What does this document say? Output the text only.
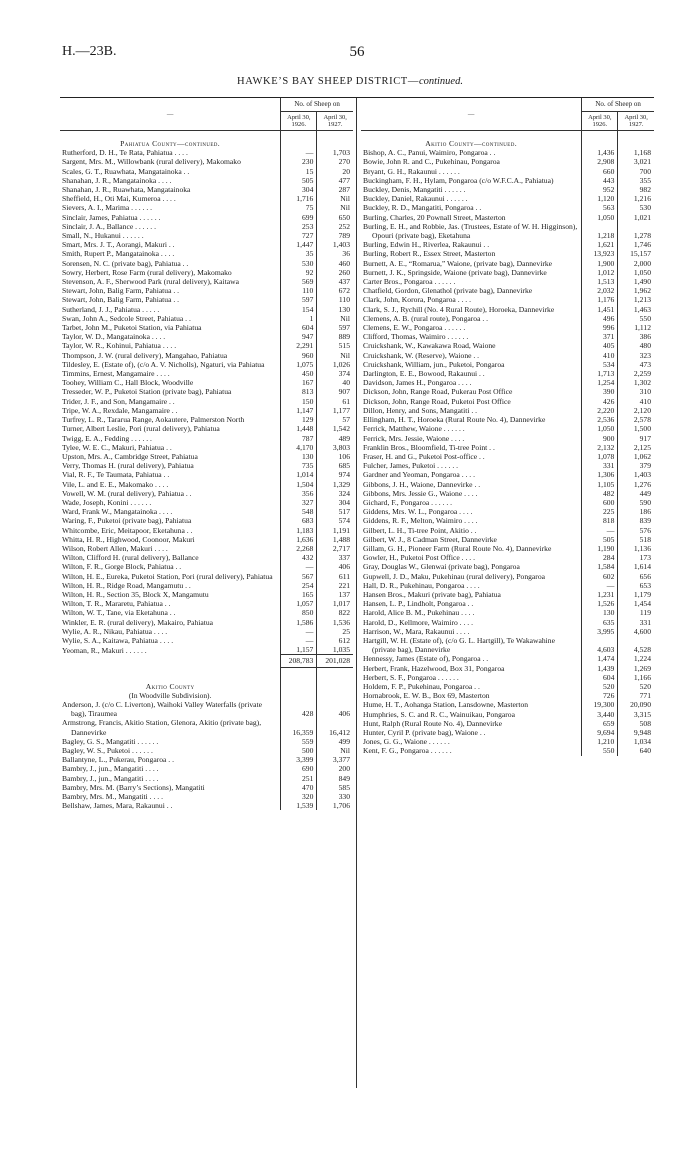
H.—23B.	56
HAWKE’S BAY SHEEP DISTRICT—continued.
—	No. of Sheep on	
	April 30, 1926.	April 30, 1927.
Pahiatua County—continued.		
Rutherford, D. H., Te Rata, Pahiatua . . . .	—	1,703
Sargent, Mrs. M., Willowbank (rural delivery), Makomako	230	270
Scales, G. T., Ruawhata, Mangatainoka . .	15	20
Shanahan, J. R., Mangatainoka . . . .	505	477
Shanahan, J. R., Ruawhata, Mangatainoka	304	287
Sheffield, H., Oti Mai, Kumeroa . . . .	1,716	Nil
Sievers, A. I., Marima . . . . . .	75	Nil
Sinclair, James, Pahiatua . . . . . .	699	650
Sinclair, J. A., Ballance . . . . . .	253	252
Small, N., Hukanui . . . . . .	727	789
Smart, Mrs. J. T., Aorangi, Makuri . .	1,447	1,403
Smith, Rupert P., Mangatainoka . . . .	35	36
Sorensen, N. C. (private bag), Pahiatua . .	530	460
Sowry, Herbert, Rose Farm (rural delivery), Makomako	92	260
Stevenson, A. F., Sherwood Park (rural delivery), Kaitawa	569	437
Stewart, John, Balig Farm, Pahiatua . .	110	672
Stewart, John, Balig Farm, Pahiatua . .	597	110
Sutherland, J. J., Pahiatua . . . . .	154	130
Swan, John A., Sedcole Street, Pahiatua . .	1	Nil
Tarbet, John M., Puketoi Station, via Pahiatua	604	597
Taylor, W. D., Mangatainoka . . . .	947	889
Taylor, W. R., Kohinui, Pahiatua . . . .	2,291	515
Thompson, J. W. (rural delivery), Mangahao, Pahiatua	960	Nil
Tildesley, E. (Estate of), (c/o A. V. Nicholls), Ngaturi, via Pahiatua	1,075	1,026
Timmins, Ernest, Mangamaire . . . .	450	374
Toohey, William C., Hall Block, Woodville	167	40
Tresseder, W. P., Puketoi Station (private bag), Pahiatua	813	907
Trider, J. F., and Son, Mangamaire . .	150	61
Tripe, W. A., Rexdale, Mangamaire . .	1,147	1,177
Turfrey, L. R., Tararua Range, Aokautere, Palmerston North	129	57
Turner, Albert Leslie, Pori (rural delivery), Pahiatua	1,448	1,542
Twigg, E. A., Fedding . . . . . .	787	489
Tylee, W. E. C., Makuri, Pahiatua . .	4,170	3,803
Upston, Mrs. A., Cambridge Street, Pahiatua	130	106
Verry, Thomas H. (rural delivery), Pahiatua	735	685
Vial, R. F., Te Taumata, Pahiatua . .	1,014	974
Vile, L. and E. E., Makomako . . . .	1,504	1,329
Vowell, W. M. (rural delivery), Pahiatua . .	356	324
Wade, Joseph, Konini . . . . . .	327	304
Ward, Frank W., Mangatainoka . . . .	548	517
Waring, F., Puketoi (private bag), Pahiatua	683	574
Whitcombe, Eric, Meitapoor, Eketahuna . .	1,183	1,191
Whitta, H. R., Highwood, Coonoor, Makuri	1,636	1,488
Wilson, Robert Allen, Makuri . . . .	2,268	2,717
Wilton, Clifford H. (rural delivery), Ballance	432	337
Wilton, F. R., Gorge Block, Pahiatua . .	—	406
Wilton, H. E., Eureka, Puketoi Station, Pori (rural delivery), Pahiatua	567	611
Wilton, H. R., Ridge Road, Mangamutu . .	254	221
Wilton, H. R., Section 35, Block X, Mangamutu	165	137
Wilton, T. R., Mararetu, Pahiatua . .	1,057	1,017
Wilton, W. T., Tane, via Eketahuna . .	850	822
Winkler, E. R. (rural delivery), Makairo, Pahiatua	1,586	1,536
Wylie, A. R., Nikau, Pahiatua . . . .	—	25
Wylie, S. A., Kaitawa, Pahiatua . . . .	—	612
Yeoman, R., Makuri . . . . . .	1,157	1,035
	208,783	201,028

Akitio County		
(In Woodville Subdivision).		
Anderson, J. (c/o C. Liverton), Waihoki Valley Waterfalls (private bag), Tiraumea	428	406
Armstrong, Francis, Akitio Station, Glenora, Akitio (private bag), Dannevirke	16,359	16,412
Bagley, G. S., Mangatiti . . . . . .	559	499
Bagley, W. S., Puketoi . . . . . .	500	Nil
Ballantyne, L., Pukerau, Pongaroa . .	3,399	3,377
Bambry, J., jun., Mangatiti . . . .	690	200
Bambry, J., jun., Mangatiti . . . .	251	849
Bambry, Mrs. M. (Barry’s Sections), Mangatiti	470	585
Bambry, Mrs. M., Mangatiti . . . .	320	330
Bellshaw, James, Mara, Rakaunui . .	1,539	1,706
—	No. of Sheep on	
	April 30, 1926.	April 30, 1927.
Akitio County—continued.		
Bishop, A. C., Panui, Waimiro, Pongaroa . .	1,436	1,168
Bowie, John R. and C., Pukehinau, Pongaroa	2,908	3,021
Bryant, G. H., Rakaunui . . . . . .	660	700
Buckingham, F. H., Hylam, Pongaroa (c/o W.F.C.A., Pahiatua)	443	355
Buckley, Denis, Mangatiti . . . . . .	952	982
Buckley, Daniel, Rakaunui . . . . . .	1,120	1,216
Buckley, R. D., Mangatiti, Pongaroa . .	563	530
Burling, Charles, 20 Pownall Street, Masterton	1,050	1,021
Burling, E. H., and Robbie, Jas. (Trustees, Estate of W. H. Higginson), Opouri (private bag), Eketahuna	1,218	1,278
Burling, Edwin H., Riverlea, Rakaunui . .	1,621	1,746
Burling, Robert R., Essex Street, Masterton	13,923	15,157
Burnett, A. E., “Romarua,” Waione, (private bag), Dannevirke	1,900	2,000
Burnett, J. K., Springside, Waione (private bag), Dannevirke	1,012	1,050
Carter Bros., Pongaroa . . . . . .	1,513	1,490
Chatfield, Gordon, Glenathol (private bag), Dannevirke	2,032	1,962
Clark, John, Korora, Pongaroa . . . .	1,176	1,213
Clark, S. J., Rychill (No. 4 Rural Route), Horoeka, Dannevirke	1,451	1,463
Clemens, A. B. (rural route), Pongaroa . .	496	550
Clemens, E. W., Pongaroa . . . . . .	996	1,112
Clifford, Thomas, Waimiro . . . . . .	371	386
Cruickshank, W., Kawakawa Road, Waione	405	480
Cruickshank, W. (Reserve), Waione . .	410	323
Cruickshank, William, jun., Puketoi, Pongaroa	534	473
Darlington, E. E., Bowood, Rakaunui . .	1,713	2,259
Davidson, James H., Pongaroa . . . .	1,254	1,302
Dickson, John, Range Road, Pukerau Post Office	390	310
Dickson, John, Range Road, Puketoi Post Office	426	410
Dillon, Henry, and Sons, Mangatiti . .	2,220	2,120
Ellingham, H. T., Horoeka (Rural Route No. 4), Dannevirke	2,536	2,578
Ferrick, Matthew, Waione . . . . . .	1,050	1,500
Ferrick, Mrs. Jessie, Waione . . . .	900	917
Franklin Bros., Bloomfield, Ti-tree Point . .	2,132	2,125
Fraser, H. and G., Puketoi Post-office . .	1,078	1,062
Fulcher, James, Puketoi . . . . . .	331	379
Gardner and Yeoman, Pongaroa . . . .	1,306	1,403
Gibbons, J. H., Waione, Dannevirke . .	1,105	1,276
Gibbons, Mrs. Jessie G., Waione . . . .	482	449
Gichard, F., Pongaroa . . . . . .	600	590
Giddens, Mrs. W. L., Pongaroa . . . .	225	186
Giddens, R. F., Melton, Waimiro . . . .	818	839
Gilbert, L. H., Ti-tree Point, Akitio . .	—	576
Gilbert, W. J., 8 Cadman Street, Dannevirke	505	518
Gillam, G. H., Pioneer Farm (Rural Route No. 4), Dannevirke	1,190	1,136
Gowler, H., Puketoi Post Office . . . .	284	173
Gray, Douglas W., Glenwai (private bag), Pongaroa	1,584	1,614
Gupwell, J. D., Maku, Pukehinau (rural delivery), Pongaroa	602	656
Hall, D. R., Pukehinau, Pongaroa . . . .	—	653
Hansen Bros., Makuri (private bag), Pahiatua	1,231	1,179
Hansen, L. P., Lindholt, Pongaroa . .	1,526	1,454
Harold, Alice B. M., Pukehinau . . . .	130	119
Harold, D., Kellmore, Waimiro . . . .	635	331
Harrison, W., Mara, Rakaunui . . . .	3,995	4,600
Hartgill, W. H. (Estate of), (c/o G. L. Hartgill), Te Wakawahine (private bag), Dannevirke	4,603	4,528
Hennessy, James (Estate of), Pongaroa . .	1,474	1,224
Herbert, Frank, Hazelwood, Box 31, Pongaroa	1,439	1,269
Herbert, S. F., Pongaroa . . . . . .	604	1,166
Holdem, F. P., Pukehinau, Pongaroa . .	520	520
Hornabrook, E. W. B., Box 69, Masterton	726	771
Hume, H. T., Aohanga Station, Lansdowne, Masterton	19,300	20,090
Humphries, S. C. and R. C., Wainuikau, Pongaroa	3,440	3,315
Hunt, Ralph (Rural Route No. 4), Dannevirke	659	508
Hunter, Cyril P. (private bag), Waione . .	9,694	9,948
Jones, G. G., Waione . . . . . .	1,210	1,034
Kent, F. G., Pongaroa . . . . . .	550	640
